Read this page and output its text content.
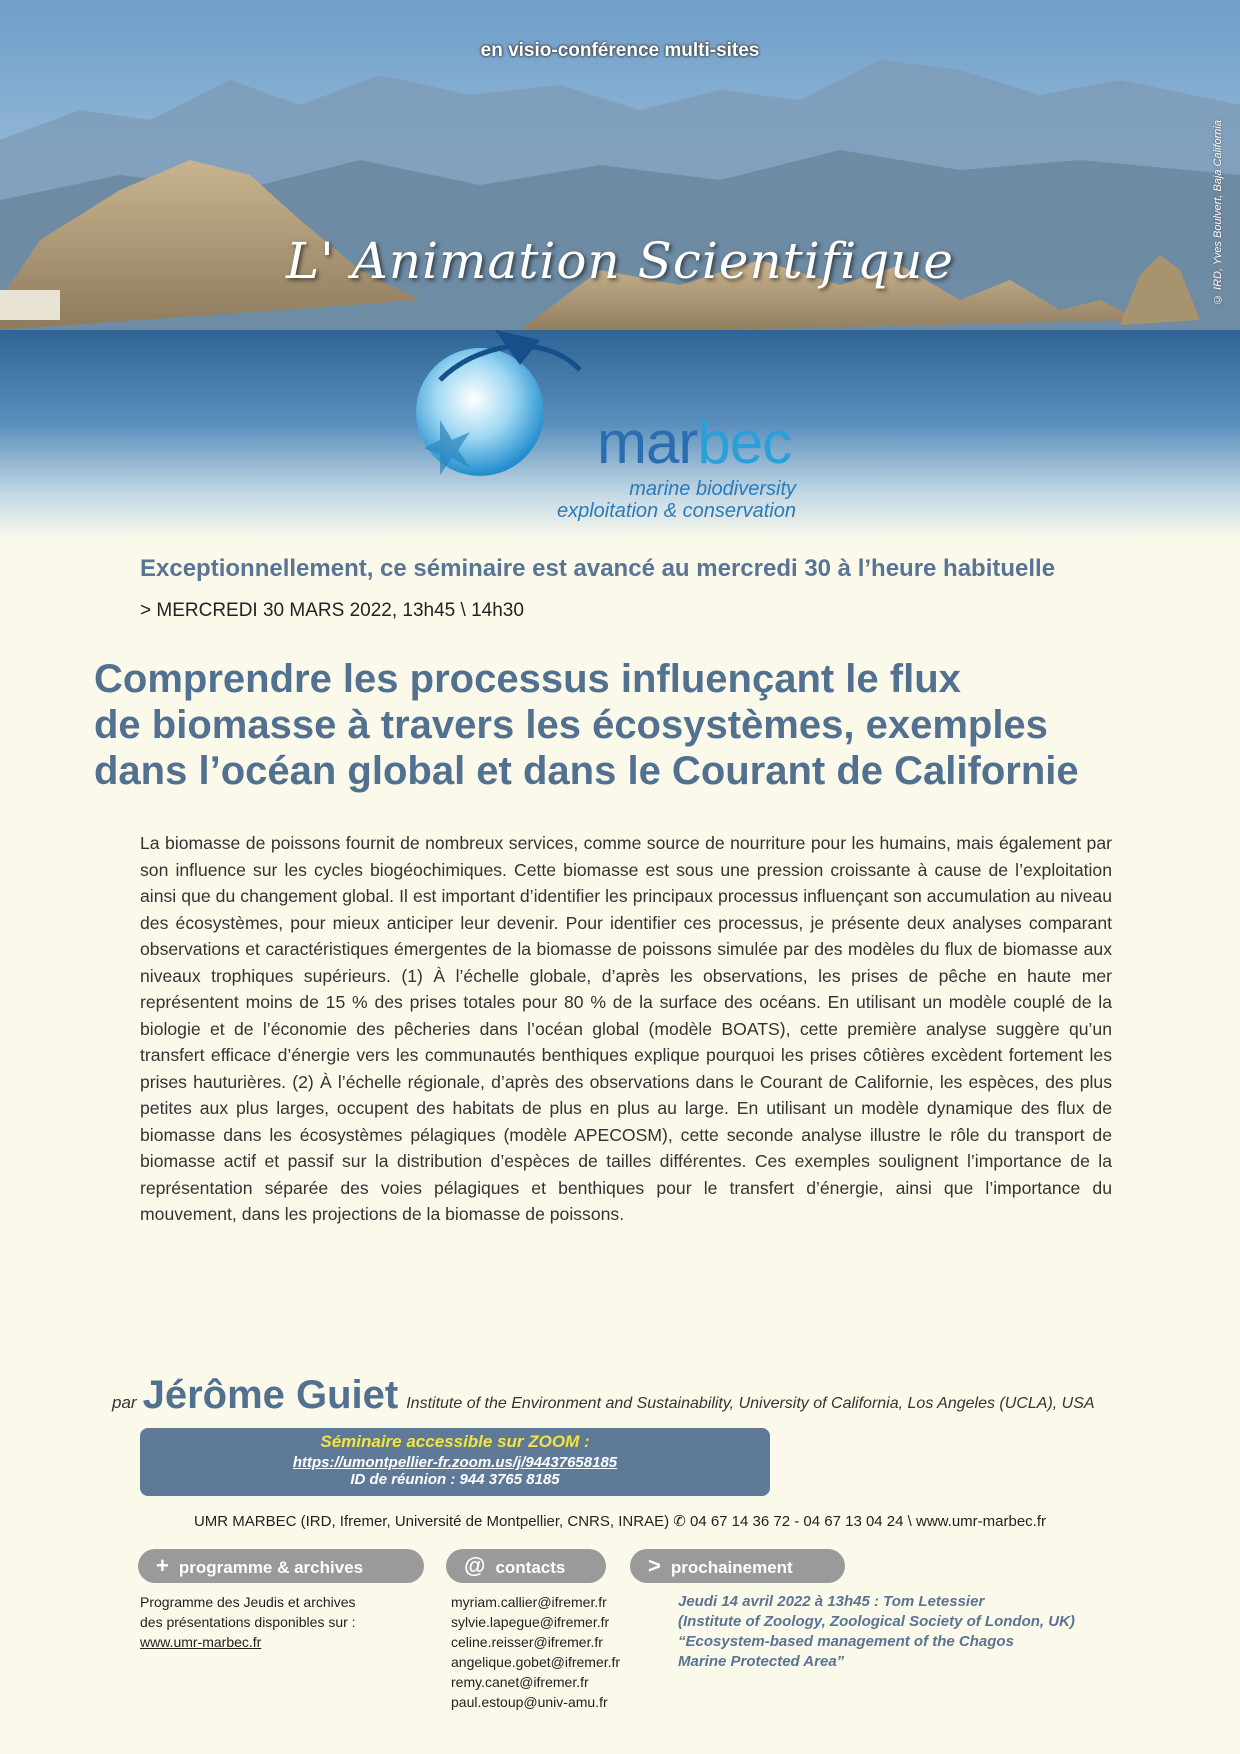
en visio-conférence multi-sites
© IRD, Yves Boulvert, Baja California
L' Animation Scientifique
marbec
marine biodiversity
exploitation & conservation
Exceptionnellement, ce séminaire est avancé au mercredi 30 à l’heure habituelle
> MERCREDI 30 MARS 2022, 13h45 \ 14h30
Comprendre les processus influençant le flux
de biomasse à travers les écosystèmes, exemples
dans l’océan global et dans le Courant de Californie
La biomasse de poissons fournit de nombreux services, comme source de nourriture pour les humains, mais également par son influence sur les cycles biogéochimiques. Cette biomasse est sous une pression croissante à cause de l’exploitation ainsi que du changement global. Il est important d’identifier les principaux processus influençant son accumulation au niveau des écosystèmes, pour mieux anticiper leur devenir. Pour identifier ces processus, je présente deux analyses comparant observations et caractéristiques émergentes de la biomasse de poissons simulée par des modèles du flux de biomasse aux niveaux trophiques supérieurs. (1) À l’échelle globale, d’après les observations, les prises de pêche en haute mer représentent moins de 15 % des prises totales pour 80 % de la surface des océans. En utilisant un modèle couplé de la biologie et de l’économie des pêcheries dans l’océan global (modèle BOATS), cette première analyse suggère qu’un transfert efficace d’énergie vers les communautés benthiques explique pourquoi les prises côtières excèdent fortement les prises hauturières. (2) À l’échelle régionale, d’après des observations dans le Courant de Californie, les espèces, des plus petites aux plus larges, occupent des habitats de plus en plus au large. En utilisant un modèle dynamique des flux de biomasse dans les écosystèmes pélagiques (modèle APECOSM), cette seconde analyse illustre le rôle du transport de biomasse actif et passif sur la distribution d’espèces de tailles différentes. Ces exemples soulignent l’importance de la représentation séparée des voies pélagiques et benthiques pour le transfert d’énergie, ainsi que l’importance du mouvement, dans les projections de la biomasse de poissons.
par Jérôme Guiet Institute of the Environment and Sustainability, University of California, Los Angeles (UCLA), USA
Séminaire accessible sur ZOOM :
https://umontpellier-fr.zoom.us/j/94437658185
ID de réunion : 944 3765 8185
UMR MARBEC (IRD, Ifremer, Université de Montpellier, CNRS, INRAE) ✆ 04 67 14 36 72 - 04 67 13 04 24 \ www.umr-marbec.fr
+ programme & archives	@ contacts	> prochainement
Programme des Jeudis et archives
des présentations disponibles sur :
www.umr-marbec.fr
myriam.callier@ifremer.fr
sylvie.lapegue@ifremer.fr
celine.reisser@ifremer.fr
angelique.gobet@ifremer.fr
remy.canet@ifremer.fr
paul.estoup@univ-amu.fr
Jeudi 14 avril 2022 à 13h45 : Tom Letessier
(Institute of Zoology, Zoological Society of London, UK)
“Ecosystem-based management of the Chagos
Marine Protected Area”
